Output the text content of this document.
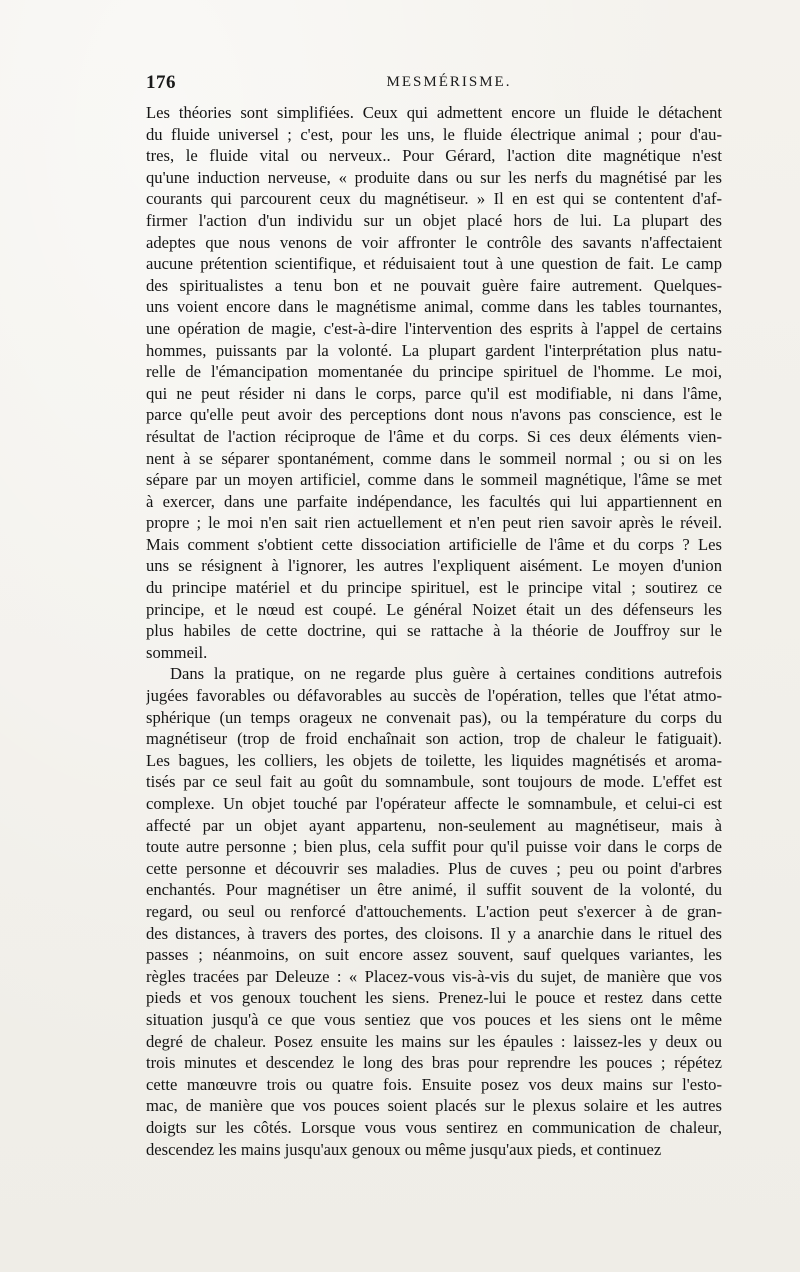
176	MESMÉRISME.
Les théories sont simplifiées. Ceux qui admettent encore un fluide le détachent
du fluide universel ; c'est, pour les uns, le fluide électrique animal ; pour d'au-
tres, le fluide vital ou nerveux.. Pour Gérard, l'action dite magnétique n'est
qu'une induction nerveuse, « produite dans ou sur les nerfs du magnétisé par les
courants qui parcourent ceux du magnétiseur. » Il en est qui se contentent d'af-
firmer l'action d'un individu sur un objet placé hors de lui. La plupart des
adeptes que nous venons de voir affronter le contrôle des savants n'affectaient
aucune prétention scientifique, et réduisaient tout à une question de fait. Le camp
des spiritualistes a tenu bon et ne pouvait guère faire autrement. Quelques-
uns voient encore dans le magnétisme animal, comme dans les tables tournantes,
une opération de magie, c'est-à-dire l'intervention des esprits à l'appel de certains
hommes, puissants par la volonté. La plupart gardent l'interprétation plus natu-
relle de l'émancipation momentanée du principe spirituel de l'homme. Le moi,
qui ne peut résider ni dans le corps, parce qu'il est modifiable, ni dans l'âme,
parce qu'elle peut avoir des perceptions dont nous n'avons pas conscience, est le
résultat de l'action réciproque de l'âme et du corps. Si ces deux éléments vien-
nent à se séparer spontanément, comme dans le sommeil normal ; ou si on les
sépare par un moyen artificiel, comme dans le sommeil magnétique, l'âme se met
à exercer, dans une parfaite indépendance, les facultés qui lui appartiennent en
propre ; le moi n'en sait rien actuellement et n'en peut rien savoir après le réveil.
Mais comment s'obtient cette dissociation artificielle de l'âme et du corps ? Les
uns se résignent à l'ignorer, les autres l'expliquent aisément. Le moyen d'union
du principe matériel et du principe spirituel, est le principe vital ; soutirez ce
principe, et le nœud est coupé. Le général Noizet était un des défenseurs les
plus habiles de cette doctrine, qui se rattache à la théorie de Jouffroy sur le
sommeil.
Dans la pratique, on ne regarde plus guère à certaines conditions autrefois
jugées favorables ou défavorables au succès de l'opération, telles que l'état atmo-
sphérique (un temps orageux ne convenait pas), ou la température du corps du
magnétiseur (trop de froid enchaînait son action, trop de chaleur le fatiguait).
Les bagues, les colliers, les objets de toilette, les liquides magnétisés et aroma-
tisés par ce seul fait au goût du somnambule, sont toujours de mode. L'effet est
complexe. Un objet touché par l'opérateur affecte le somnambule, et celui-ci est
affecté par un objet ayant appartenu, non-seulement au magnétiseur, mais à
toute autre personne ; bien plus, cela suffit pour qu'il puisse voir dans le corps de
cette personne et découvrir ses maladies. Plus de cuves ; peu ou point d'arbres
enchantés. Pour magnétiser un être animé, il suffit souvent de la volonté, du
regard, ou seul ou renforcé d'attouchements. L'action peut s'exercer à de gran-
des distances, à travers des portes, des cloisons. Il y a anarchie dans le rituel des
passes ; néanmoins, on suit encore assez souvent, sauf quelques variantes, les
règles tracées par Deleuze : « Placez-vous vis-à-vis du sujet, de manière que vos
pieds et vos genoux touchent les siens. Prenez-lui le pouce et restez dans cette
situation jusqu'à ce que vous sentiez que vos pouces et les siens ont le même
degré de chaleur. Posez ensuite les mains sur les épaules : laissez-les y deux ou
trois minutes et descendez le long des bras pour reprendre les pouces ; répétez
cette manœuvre trois ou quatre fois. Ensuite posez vos deux mains sur l'esto-
mac, de manière que vos pouces soient placés sur le plexus solaire et les autres
doigts sur les côtés. Lorsque vous vous sentirez en communication de chaleur,
descendez les mains jusqu'aux genoux ou même jusqu'aux pieds, et continuez
